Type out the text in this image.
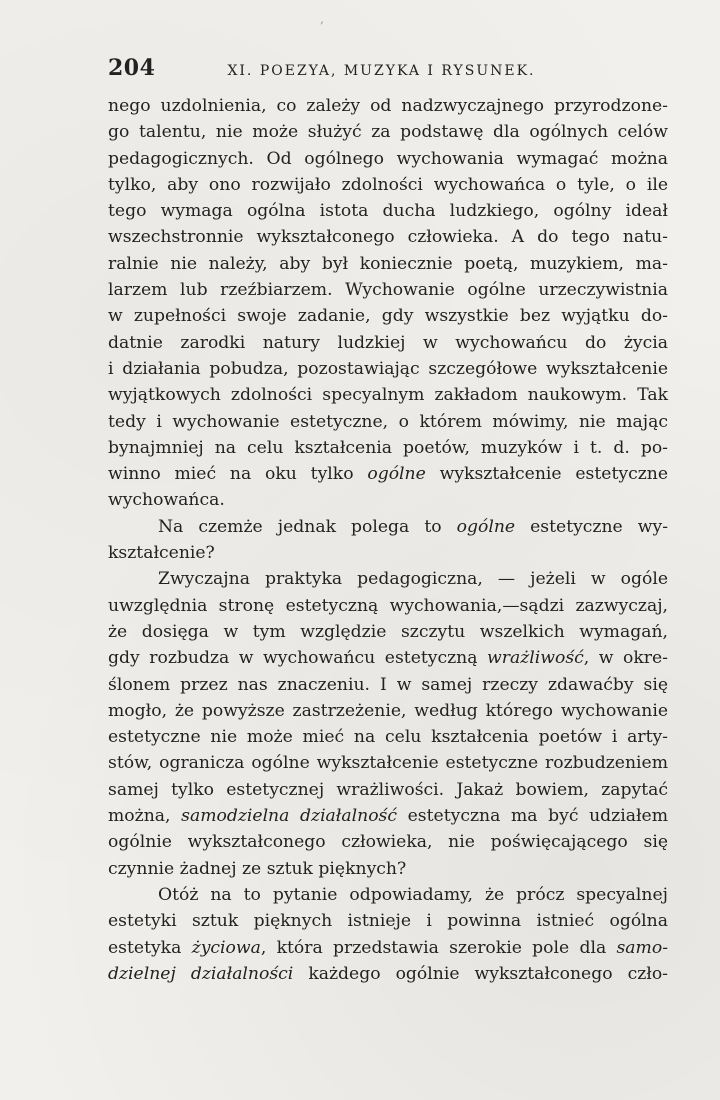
‚
204	XI. POEZYA, MUZYKA I RYSUNEK.
nego uzdolnienia, co zależy od nadzwyczajnego przyrodzone-
go talentu, nie może służyć za podstawę dla ogólnych celów
pedagogicznych. Od ogólnego wychowania wymagać można
tylko, aby ono rozwijało zdolności wychowańca o tyle, o ile
tego wymaga ogólna istota ducha ludzkiego, ogólny ideał
wszechstronnie wykształconego człowieka. A do tego natu-
ralnie nie należy, aby był koniecznie poetą, muzykiem, ma-
larzem lub rzeźbiarzem. Wychowanie ogólne urzeczywistnia
w zupełności swoje zadanie, gdy wszystkie bez wyjątku do-
datnie zarodki natury ludzkiej w wychowańcu do życia
i działania pobudza, pozostawiając szczegółowe wykształcenie
wyjątkowych zdolności specyalnym zakładom naukowym. Tak
tedy i wychowanie estetyczne, o którem mówimy, nie mając
bynajmniej na celu kształcenia poetów, muzyków i t. d. po-
winno mieć na oku tylko ogólne wykształcenie estetyczne
wychowańca.
Na czemże jednak polega to ogólne estetyczne wy-
kształcenie?
Zwyczajna praktyka pedagogiczna, — jeżeli w ogóle
uwzględnia stronę estetyczną wychowania,—sądzi zazwyczaj,
że dosięga w tym względzie szczytu wszelkich wymagań,
gdy rozbudza w wychowańcu estetyczną wrażliwość, w okre-
ślonem przez nas znaczeniu. I w samej rzeczy zdawaćby się
mogło, że powyższe zastrzeżenie, według którego wychowanie
estetyczne nie może mieć na celu kształcenia poetów i arty-
stów, ogranicza ogólne wykształcenie estetyczne rozbudzeniem
samej tylko estetycznej wrażliwości. Jakaż bowiem, zapytać
można, samodzielna działalność estetyczna ma być udziałem
ogólnie wykształconego człowieka, nie poświęcającego się
czynnie żadnej ze sztuk pięknych?
Otóż na to pytanie odpowiadamy, że prócz specyalnej
estetyki sztuk pięknych istnieje i powinna istnieć ogólna
estetyka życiowa, która przedstawia szerokie pole dla samo-
dzielnej działalności każdego ogólnie wykształconego czło-
